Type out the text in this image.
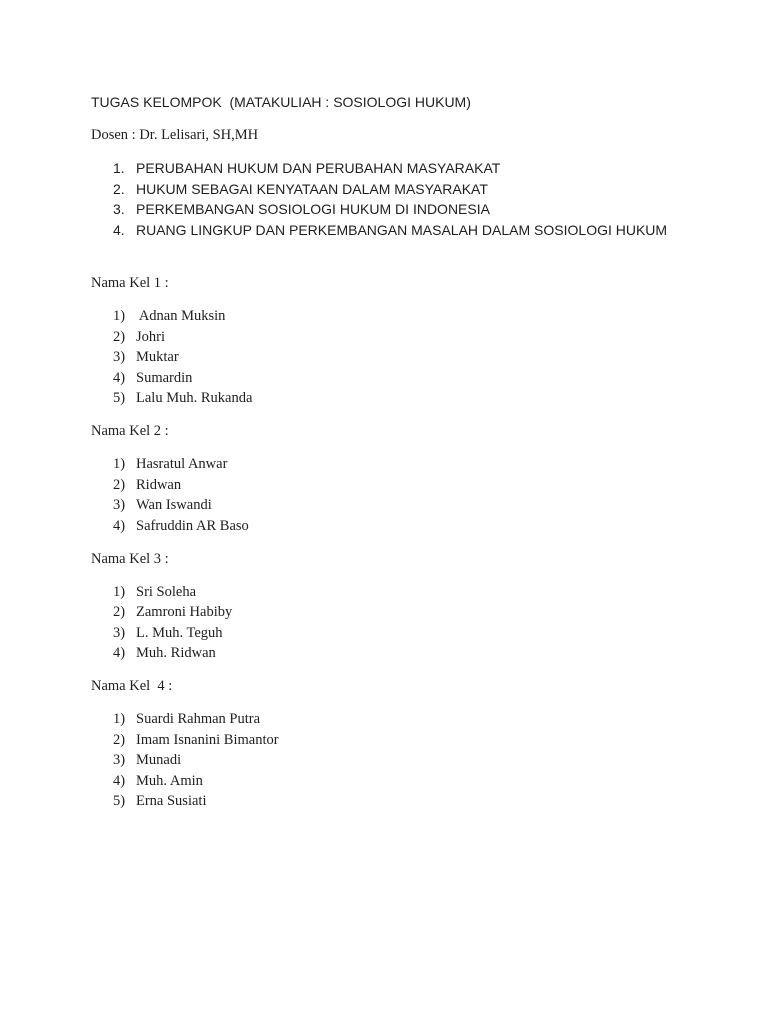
TUGAS KELOMPOK  (MATAKULIAH : SOSIOLOGI HUKUM)
Dosen : Dr. Lelisari, SH,MH
1. PERUBAHAN HUKUM DAN PERUBAHAN MASYARAKAT
2. HUKUM SEBAGAI KENYATAAN DALAM MASYARAKAT
3. PERKEMBANGAN SOSIOLOGI HUKUM DI INDONESIA
4. RUANG LINGKUP DAN PERKEMBANGAN MASALAH DALAM SOSIOLOGI HUKUM
Nama Kel 1 :
1) Adnan Muksin
2) Johri
3) Muktar
4) Sumardin
5) Lalu Muh. Rukanda
Nama Kel 2 :
1) Hasratul Anwar
2) Ridwan
3) Wan Iswandi
4) Safruddin AR Baso
Nama Kel 3 :
1) Sri Soleha
2) Zamroni Habiby
3) L. Muh. Teguh
4) Muh. Ridwan
Nama Kel  4 :
1) Suardi Rahman Putra
2) Imam Isnanini Bimantor
3) Munadi
4) Muh. Amin
5) Erna Susiati
